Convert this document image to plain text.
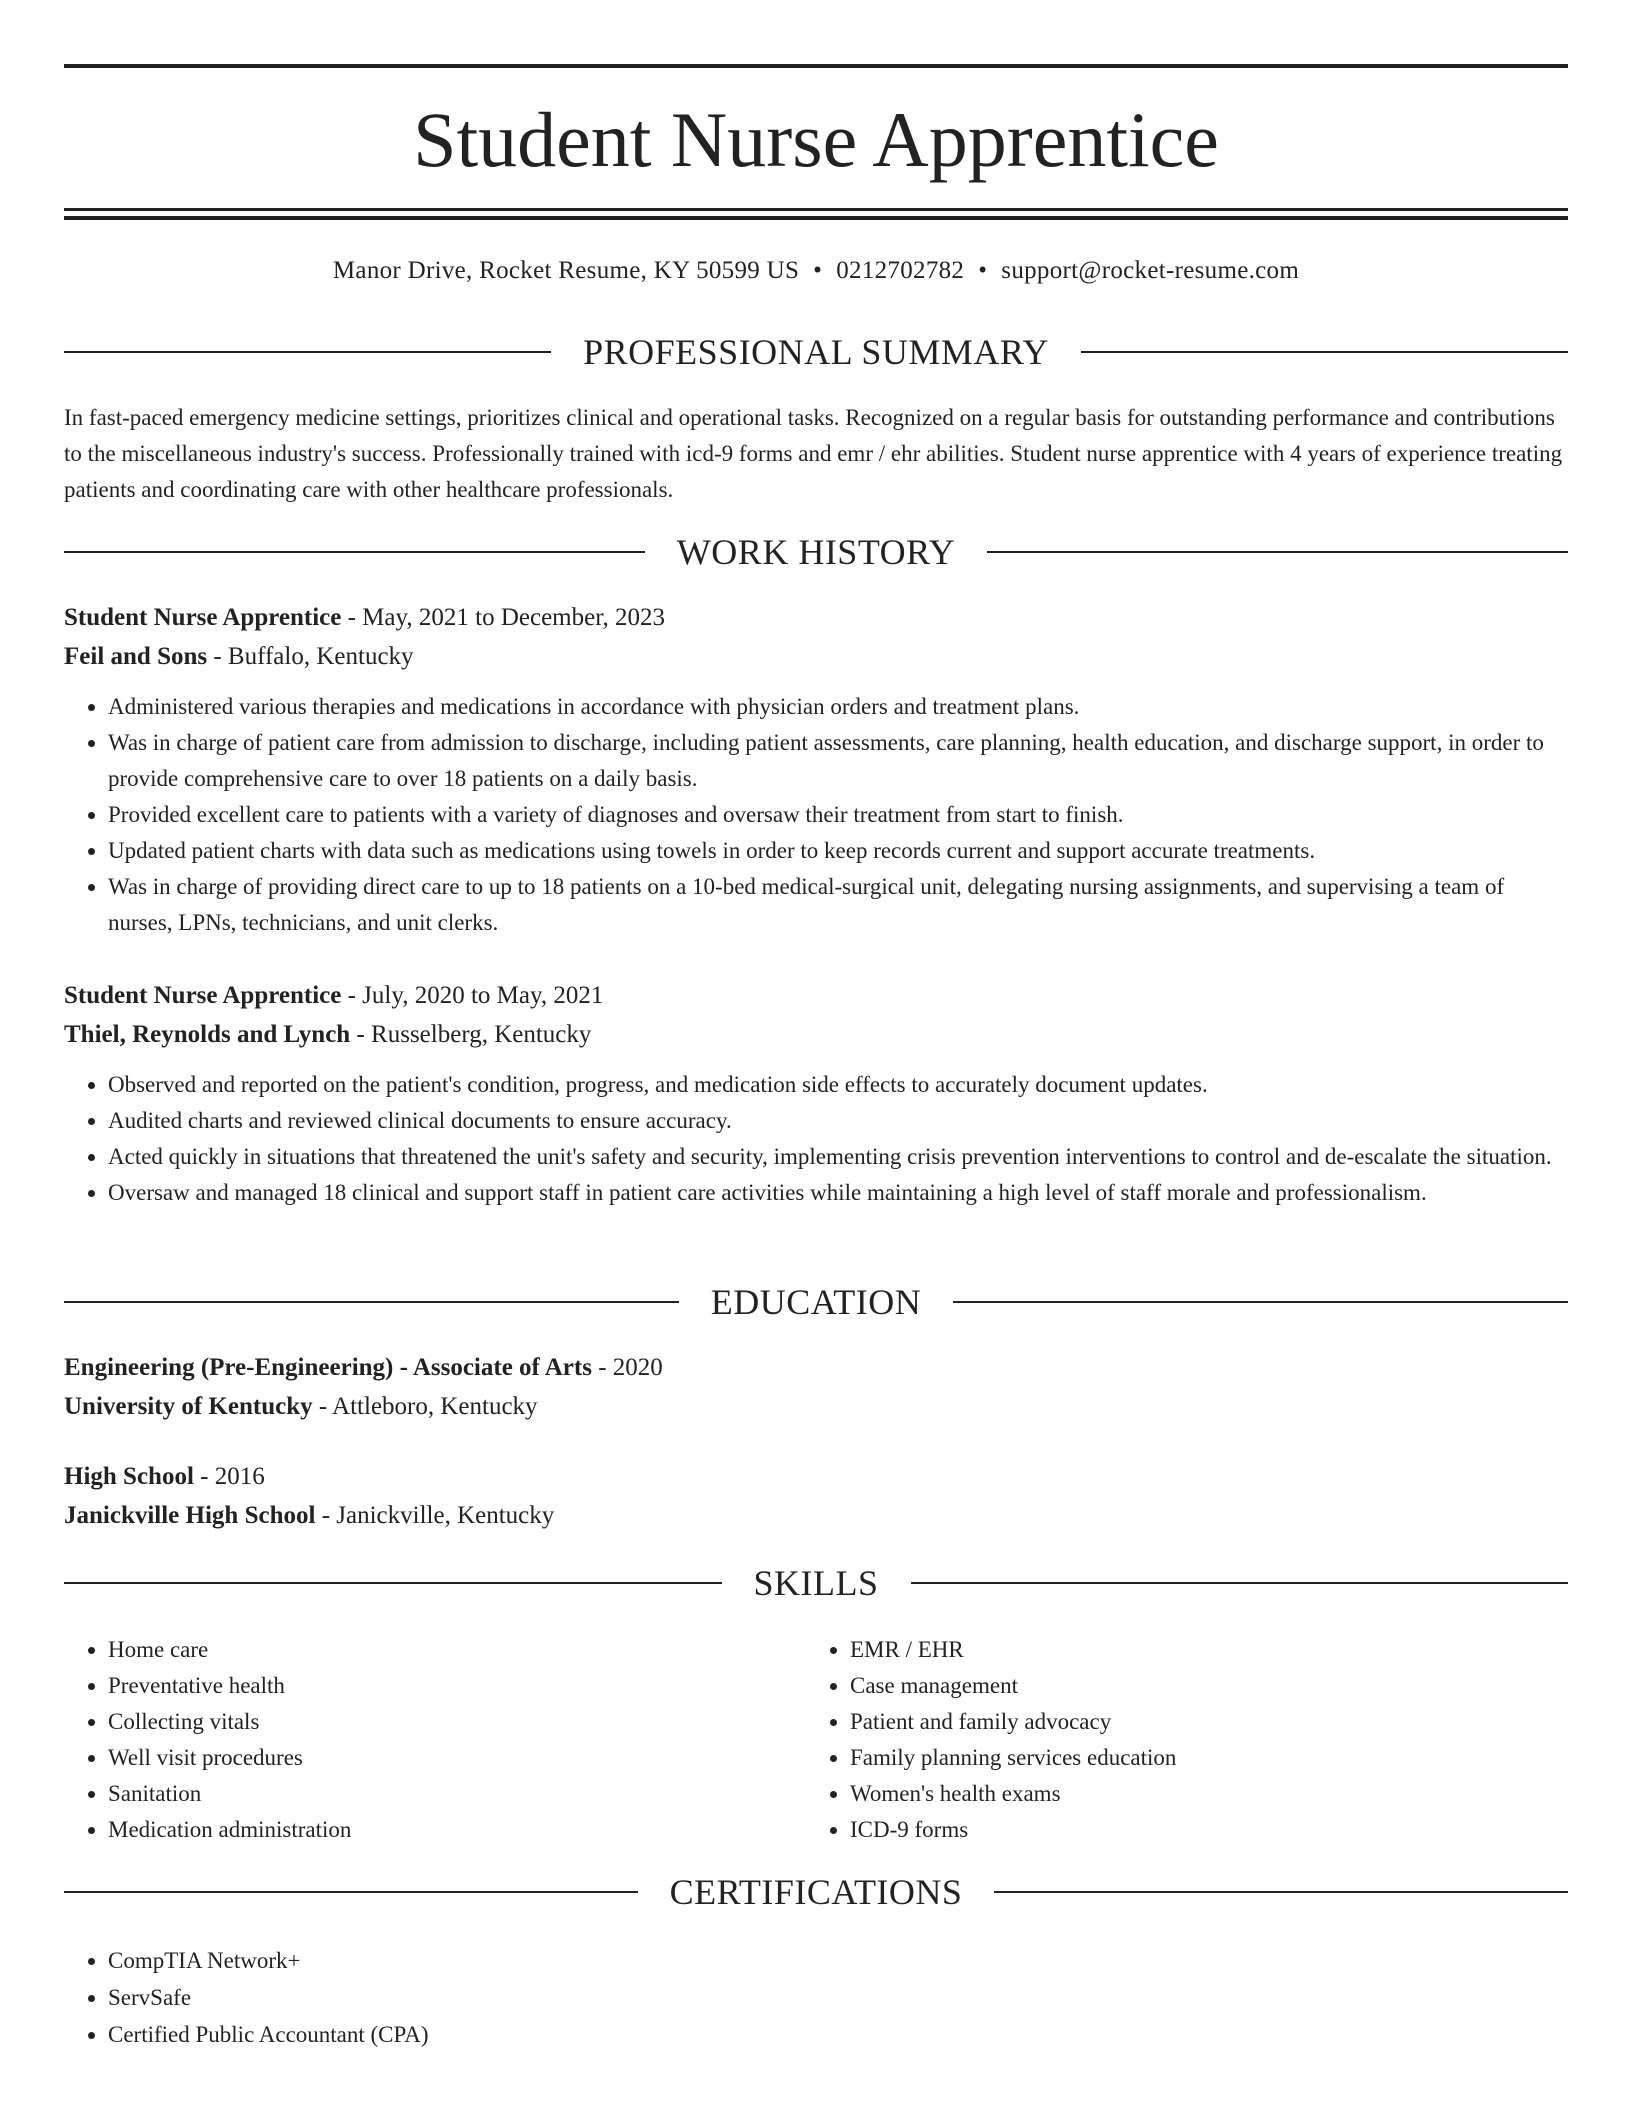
Student Nurse Apprentice
Manor Drive, Rocket Resume, KY 50599 US • 0212702782 • support@rocket-resume.com
PROFESSIONAL SUMMARY
In fast-paced emergency medicine settings, prioritizes clinical and operational tasks. Recognized on a regular basis for outstanding performance and contributions to the miscellaneous industry's success. Professionally trained with icd-9 forms and emr / ehr abilities. Student nurse apprentice with 4 years of experience treating patients and coordinating care with other healthcare professionals.
WORK HISTORY
Student Nurse Apprentice - May, 2021 to December, 2023
Feil and Sons - Buffalo, Kentucky
• Administered various therapies and medications in accordance with physician orders and treatment plans.
• Was in charge of patient care from admission to discharge, including patient assessments, care planning, health education, and discharge support, in order to provide comprehensive care to over 18 patients on a daily basis.
• Provided excellent care to patients with a variety of diagnoses and oversaw their treatment from start to finish.
• Updated patient charts with data such as medications using towels in order to keep records current and support accurate treatments.
• Was in charge of providing direct care to up to 18 patients on a 10-bed medical-surgical unit, delegating nursing assignments, and supervising a team of nurses, LPNs, technicians, and unit clerks.
Student Nurse Apprentice - July, 2020 to May, 2021
Thiel, Reynolds and Lynch - Russelberg, Kentucky
• Observed and reported on the patient's condition, progress, and medication side effects to accurately document updates.
• Audited charts and reviewed clinical documents to ensure accuracy.
• Acted quickly in situations that threatened the unit's safety and security, implementing crisis prevention interventions to control and de-escalate the situation.
• Oversaw and managed 18 clinical and support staff in patient care activities while maintaining a high level of staff morale and professionalism.
EDUCATION
Engineering (Pre-Engineering) - Associate of Arts - 2020
University of Kentucky - Attleboro, Kentucky
High School - 2016
Janickville High School - Janickville, Kentucky
SKILLS
• Home care
• Preventative health
• Collecting vitals
• Well visit procedures
• Sanitation
• Medication administration
• EMR / EHR
• Case management
• Patient and family advocacy
• Family planning services education
• Women's health exams
• ICD-9 forms
CERTIFICATIONS
• CompTIA Network+
• ServSafe
• Certified Public Accountant (CPA)
